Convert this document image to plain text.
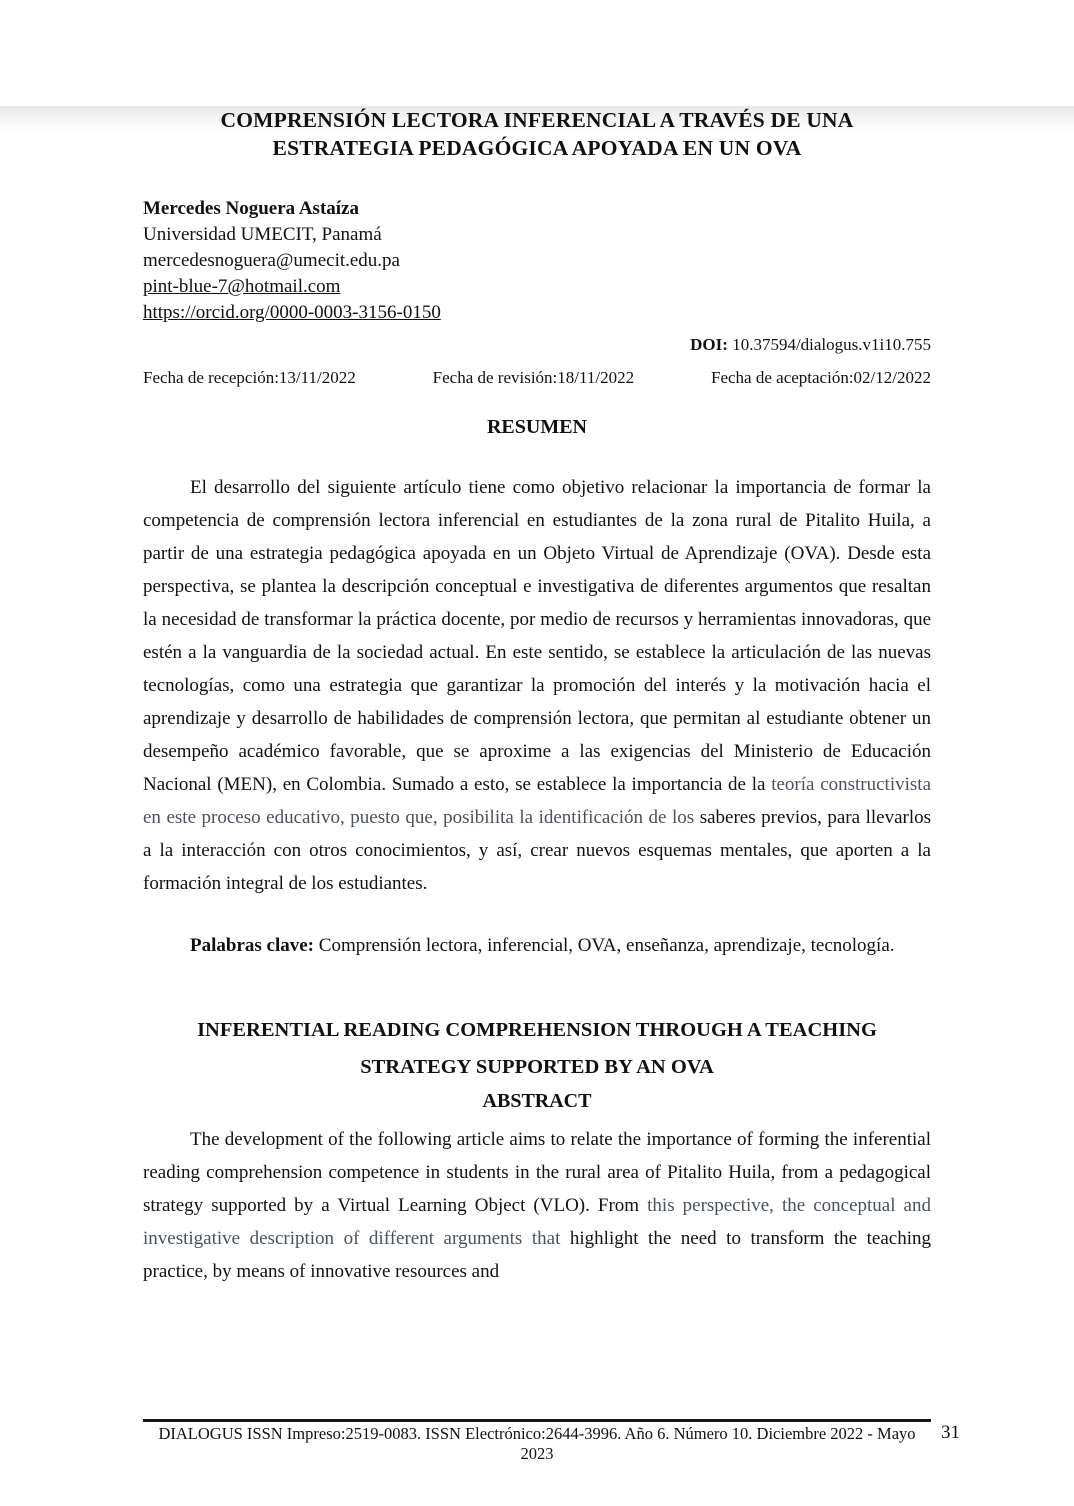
COMPRENSIÓN LECTORA INFERENCIAL A TRAVÉS DE UNA
ESTRATEGIA PEDAGÓGICA APOYADA EN UN OVA
Mercedes Noguera Astaíza
Universidad UMECIT, Panamá
mercedesnoguera@umecit.edu.pa
pint-blue-7@hotmail.com
https://orcid.org/0000-0003-3156-0150
DOI: 10.37594/dialogus.v1i10.755
Fecha de recepción:13/11/2022	Fecha de revisión:18/11/2022	Fecha de aceptación:02/12/2022
RESUMEN

El desarrollo del siguiente artículo tiene como objetivo relacionar la importancia de formar la competencia de comprensión lectora inferencial en estudiantes de la zona rural de Pitalito Huila, a partir de una estrategia pedagógica apoyada en un Objeto Virtual de Aprendizaje (OVA). Desde esta perspectiva, se plantea la descripción conceptual e investigativa de diferentes argumentos que resaltan la necesidad de transformar la práctica docente, por medio de recursos y herramientas innovadoras, que estén a la vanguardia de la sociedad actual. En este sentido, se establece la articulación de las nuevas tecnologías, como una estrategia que garantizar la promoción del interés y la motivación hacia el aprendizaje y desarrollo de habilidades de comprensión lectora, que permitan al estudiante obtener un desempeño académico favorable, que se aproxime a las exigencias del Ministerio de Educación Nacional (MEN), en Colombia. Sumado a esto, se establece la importancia de la teoría constructivista en este proceso educativo, puesto que, posibilita la identificación de los saberes previos, para llevarlos a la interacción con otros conocimientos, y así, crear nuevos esquemas mentales, que aporten a la formación integral de los estudiantes.

Palabras clave: Comprensión lectora, inferencial, OVA, enseñanza, aprendizaje, tecnología.

INFERENTIAL READING COMPREHENSION THROUGH A TEACHING
STRATEGY SUPPORTED BY AN OVA
ABSTRACT

The development of the following article aims to relate the importance of forming the inferential reading comprehension competence in students in the rural area of Pitalito Huila, from a pedagogical strategy supported by a Virtual Learning Object (VLO). From this perspective, the conceptual and investigative description of different arguments that highlight the need to transform the teaching practice, by means of innovative resources and

DIALOGUS ISSN Impreso:2519-0083. ISSN Electrónico:2644-3996. Año 6. Número 10. Diciembre 2022 - Mayo 2023
31
